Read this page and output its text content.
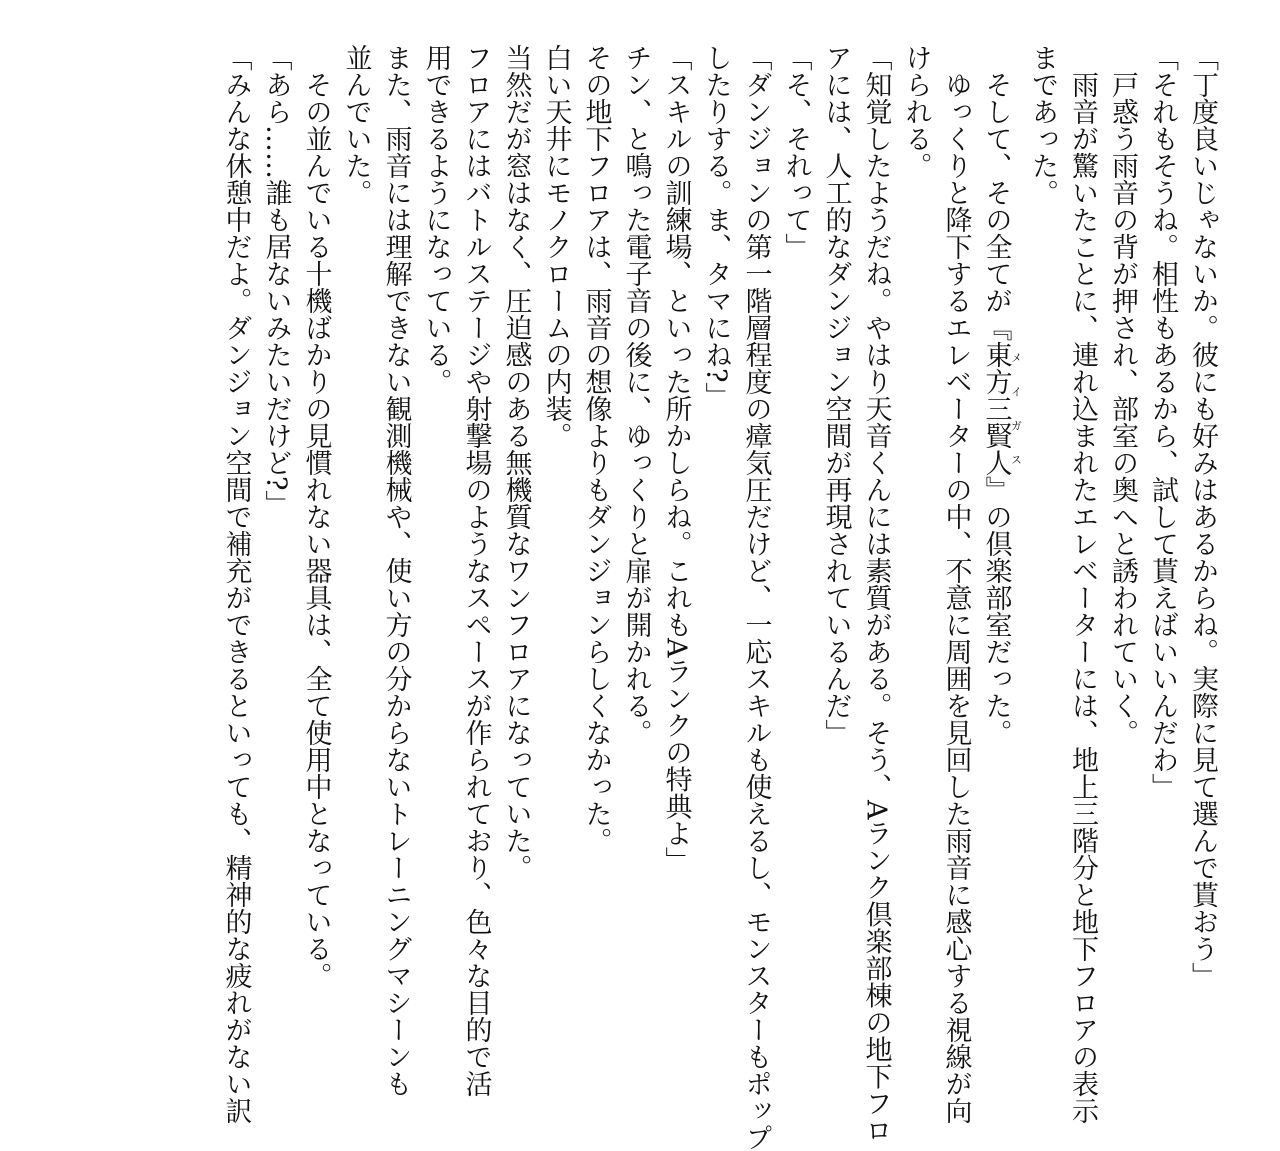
「丁度良いじゃないか。彼にも好みはあるからね。実際に見て選んで貰おう」
「それもそうね。相性もあるから、試して貰えばいいんだわ」
戸惑う雨音の背が押され、部室の奥へと誘われていく。
雨音が驚いたことに、連れ込まれたエレベーターには、地上三階分と地下フロアの表示
まであった。
そして、その全てが『東方三賢人メイガス』の倶楽部室だった。
ゆっくりと降下するエレベーターの中、不意に周囲を見回した雨音に感心する視線が向
けられる。
「知覚したようだね。やはり天音くんには素質がある。そう、Aランク倶楽部棟の地下フロ
アには、人工的なダンジョン空間が再現されているんだ」
「そ、それって」
「ダンジョンの第一階層程度の瘴気圧だけど、一応スキルも使えるし、モンスターもポップ
したりする。ま、タマにね?」
「スキルの訓練場、といった所かしらね。これもAランクの特典よ」
チン、と鳴った電子音の後に、ゆっくりと扉が開かれる。
その地下フロアは、雨音の想像よりもダンジョンらしくなかった。
白い天井にモノクロームの内装。
当然だが窓はなく、圧迫感のある無機質なワンフロアになっていた。
フロアにはバトルステージや射撃場のようなスペースが作られており、色々な目的で活
用できるようになっている。
また、雨音には理解できない観測機械や、使い方の分からないトレーニングマシーンも
並んでいた。
その並んでいる十機ばかりの見慣れない器具は、全て使用中となっている。
「あら……誰も居ないみたいだけど?」
「みんな休憩中だよ。ダンジョン空間で補充ができるといっても、精神的な疲れがない訳
